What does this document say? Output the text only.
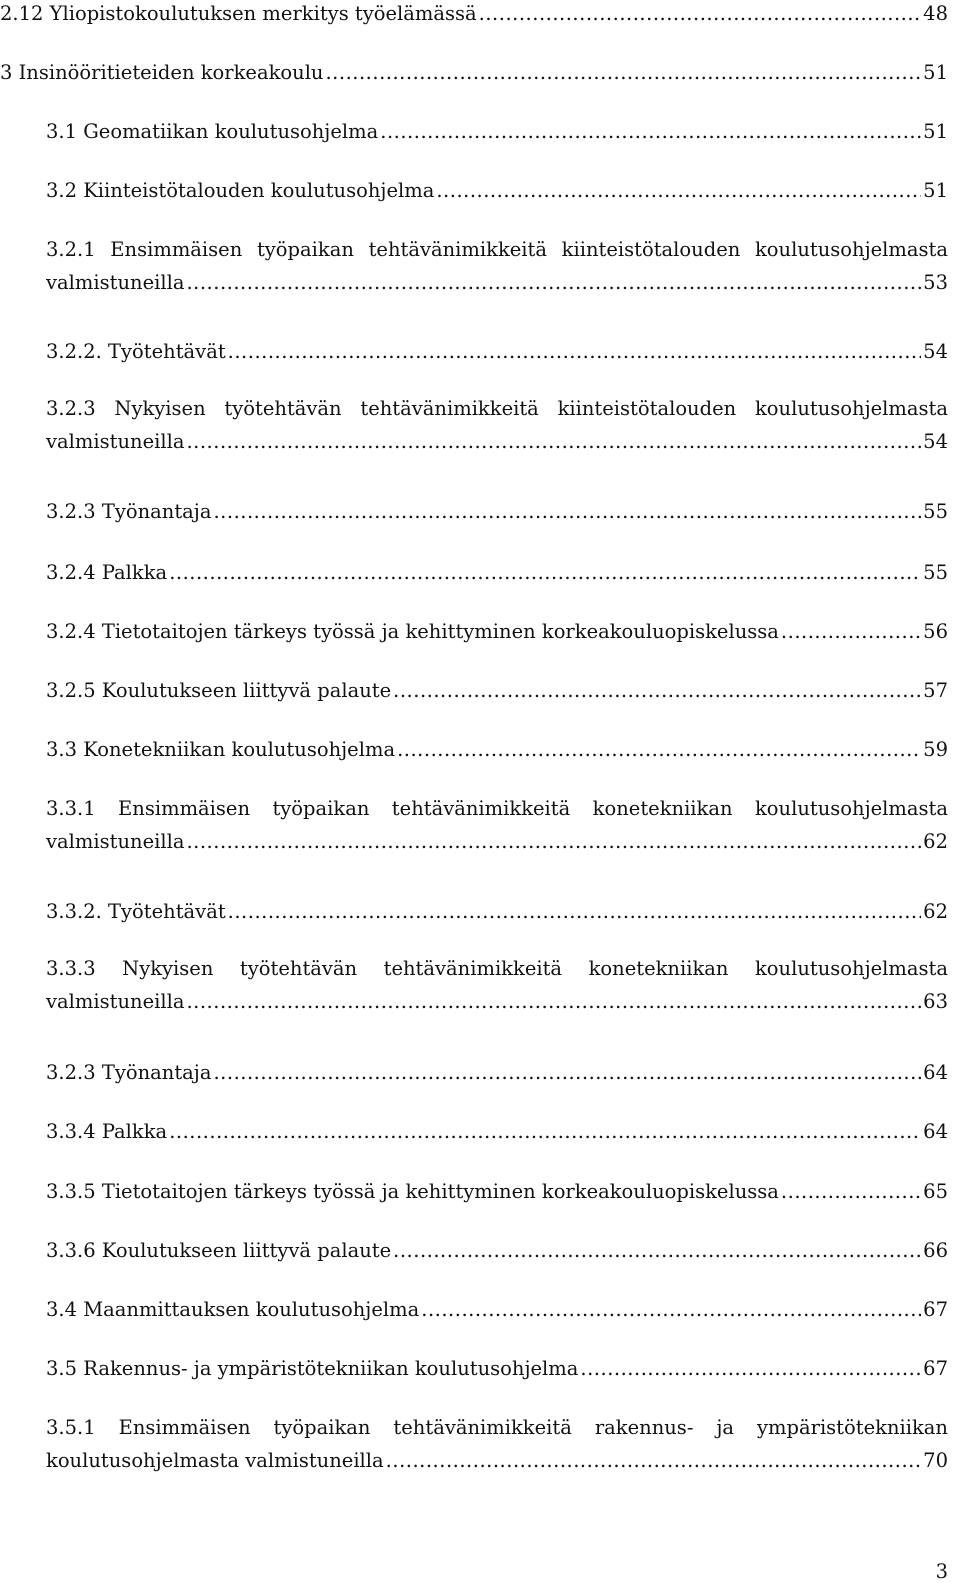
2.12 Yliopistokoulutuksen merkitys työelämässä .....	48
3 Insinööritieteiden korkeakoulu .....	51
3.1 Geomatiikan koulutusohjelma .....	51
3.2 Kiinteistötalouden koulutusohjelma .....	51
3.2.1 Ensimmäisen työpaikan tehtävänimikkeitä kiinteistötalouden koulutusohjelmasta
valmistuneilla .....	53
3.2.2. Työtehtävät .....	54
3.2.3 Nykyisen työtehtävän tehtävänimikkeitä kiinteistötalouden koulutusohjelmasta
valmistuneilla .....	54
3.2.3 Työnantaja .....	55
3.2.4 Palkka .....	55
3.2.4 Tietotaitojen tärkeys työssä ja kehittyminen korkeakouluopiskelussa .....	56
3.2.5 Koulutukseen liittyvä palaute .....	57
3.3 Konetekniikan koulutusohjelma .....	59
3.3.1 Ensimmäisen työpaikan tehtävänimikkeitä konetekniikan koulutusohjelmasta
valmistuneilla .....	62
3.3.2. Työtehtävät .....	62
3.3.3 Nykyisen työtehtävän tehtävänimikkeitä konetekniikan koulutusohjelmasta
valmistuneilla .....	63
3.2.3 Työnantaja .....	64
3.3.4 Palkka .....	64
3.3.5 Tietotaitojen tärkeys työssä ja kehittyminen korkeakouluopiskelussa .....	65
3.3.6 Koulutukseen liittyvä palaute .....	66
3.4 Maanmittauksen koulutusohjelma .....	67
3.5 Rakennus- ja ympäristötekniikan koulutusohjelma .....	67
3.5.1 Ensimmäisen työpaikan tehtävänimikkeitä rakennus- ja ympäristötekniikan
koulutusohjelmasta valmistuneilla .....	70
3
